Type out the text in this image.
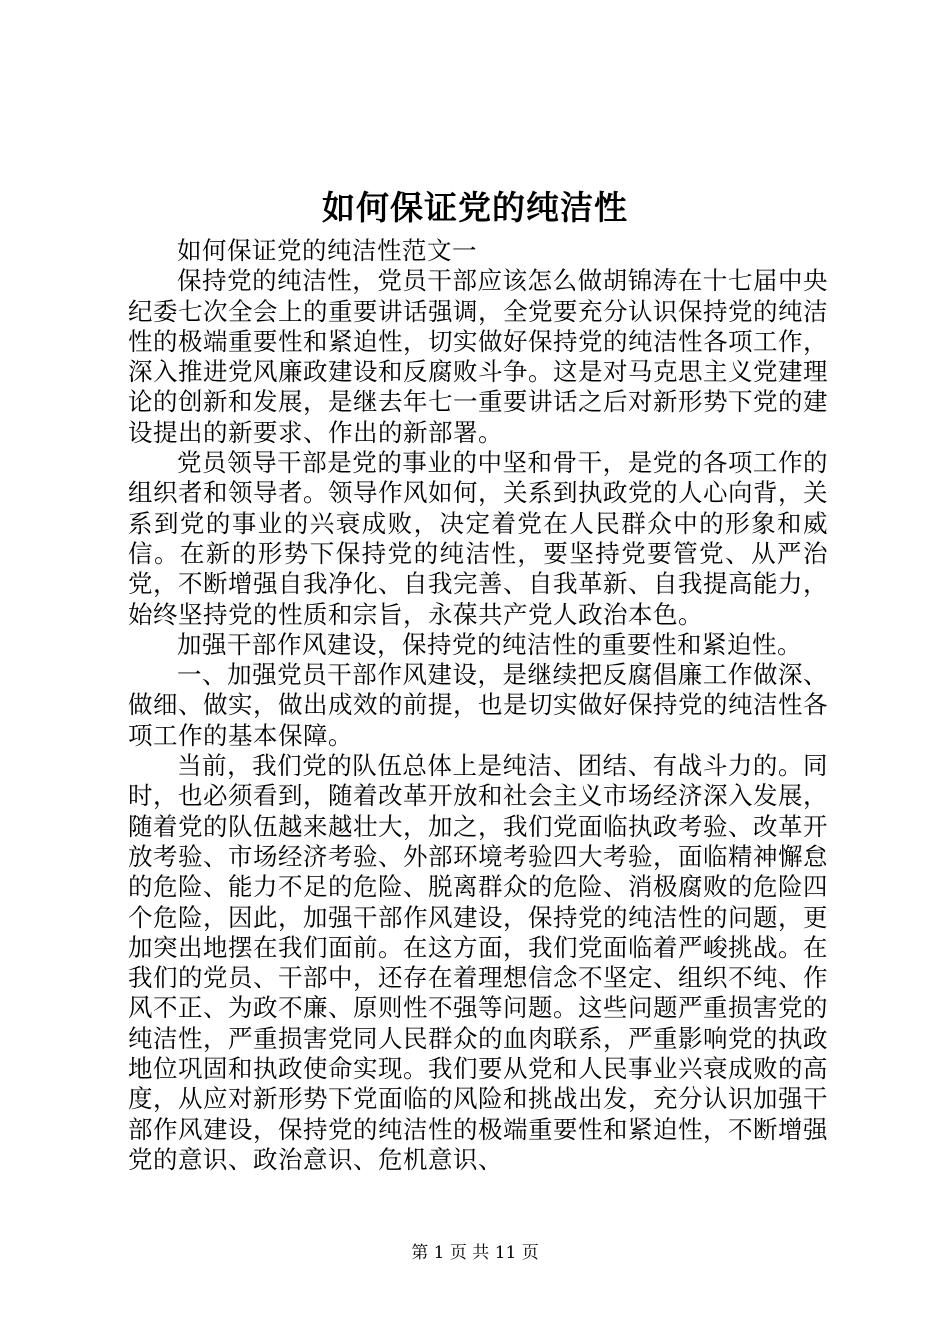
如何保证党的纯洁性

如何保证党的纯洁性范文一

保持党的纯洁性，党员干部应该怎么做胡锦涛在十七届中央纪委七次全会上的重要讲话强调，全党要充分认识保持党的纯洁性的极端重要性和紧迫性，切实做好保持党的纯洁性各项工作，深入推进党风廉政建设和反腐败斗争。这是对马克思主义党建理论的创新和发展，是继去年七一重要讲话之后对新形势下党的建设提出的新要求、作出的新部署。

党员领导干部是党的事业的中坚和骨干，是党的各项工作的组织者和领导者。领导作风如何，关系到执政党的人心向背，关系到党的事业的兴衰成败，决定着党在人民群众中的形象和威信。在新的形势下保持党的纯洁性，要坚持党要管党、从严治党，不断增强自我净化、自我完善、自我革新、自我提高能力，始终坚持党的性质和宗旨，永葆共产党人政治本色。

加强干部作风建设，保持党的纯洁性的重要性和紧迫性。

一、加强党员干部作风建设，是继续把反腐倡廉工作做深、做细、做实，做出成效的前提，也是切实做好保持党的纯洁性各项工作的基本保障。

当前，我们党的队伍总体上是纯洁、团结、有战斗力的。同时，也必须看到，随着改革开放和社会主义市场经济深入发展，随着党的队伍越来越壮大，加之，我们党面临执政考验、改革开放考验、市场经济考验、外部环境考验四大考验，面临精神懈怠的危险、能力不足的危险、脱离群众的危险、消极腐败的危险四个危险，因此，加强干部作风建设，保持党的纯洁性的问题，更加突出地摆在我们面前。在这方面，我们党面临着严峻挑战。在我们的党员、干部中，还存在着理想信念不坚定、组织不纯、作风不正、为政不廉、原则性不强等问题。这些问题严重损害党的纯洁性，严重损害党同人民群众的血肉联系，严重影响党的执政地位巩固和执政使命实现。我们要从党和人民事业兴衰成败的高度，从应对新形势下党面临的风险和挑战出发，充分认识加强干部作风建设，保持党的纯洁性的极端重要性和紧迫性，不断增强党的意识、政治意识、危机意识、

第 1 页 共 11 页
